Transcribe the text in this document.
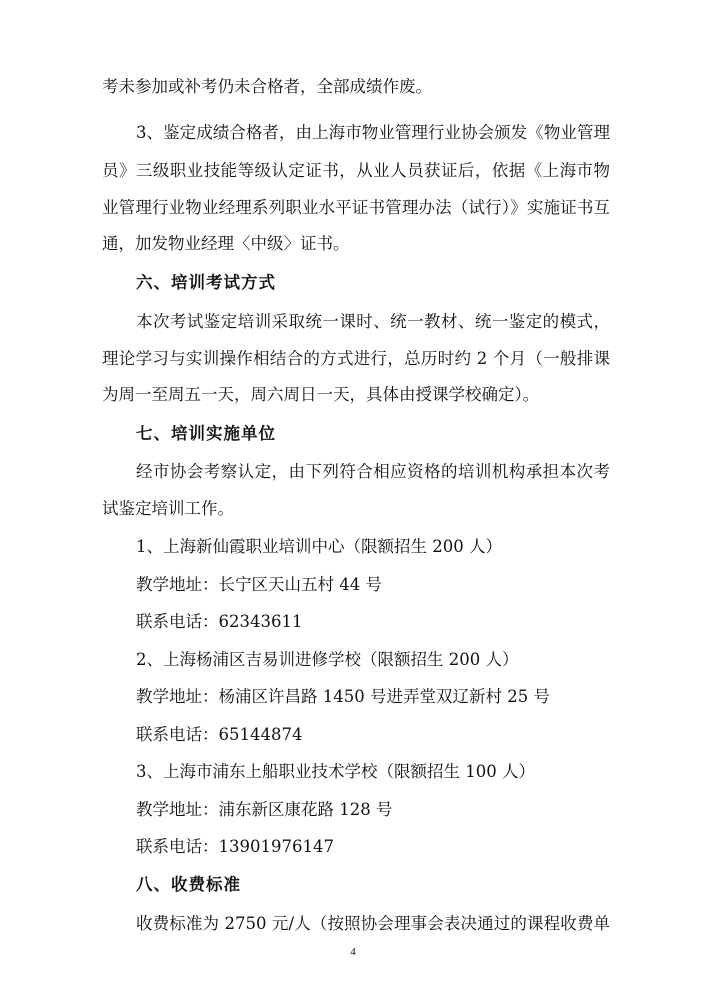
考未参加或补考仍未合格者，全部成绩作废。
3、鉴定成绩合格者，由上海市物业管理行业协会颁发《物业管理
员》三级职业技能等级认定证书，从业人员获证后，依据《上海市物
业管理行业物业经理系列职业水平证书管理办法（试行）》实施证书互
通，加发物业经理〈中级〉证书。
六、培训考试方式
本次考试鉴定培训采取统一课时、统一教材、统一鉴定的模式，
理论学习与实训操作相结合的方式进行，总历时约 2 个月（一般排课
为周一至周五一天，周六周日一天，具体由授课学校确定）。
七、培训实施单位
经市协会考察认定，由下列符合相应资格的培训机构承担本次考
试鉴定培训工作。
1、上海新仙霞职业培训中心（限额招生 200 人）
教学地址：长宁区天山五村 44 号
联系电话：62343611
2、上海杨浦区吉易训进修学校（限额招生 200 人）
教学地址：杨浦区许昌路 1450 号进弄堂双辽新村 25 号
联系电话：65144874
3、上海市浦东上船职业技术学校（限额招生 100 人）
教学地址：浦东新区康花路 128 号
联系电话：13901976147
八、收费标准
收费标准为 2750 元/人（按照协会理事会表决通过的课程收费单
4
